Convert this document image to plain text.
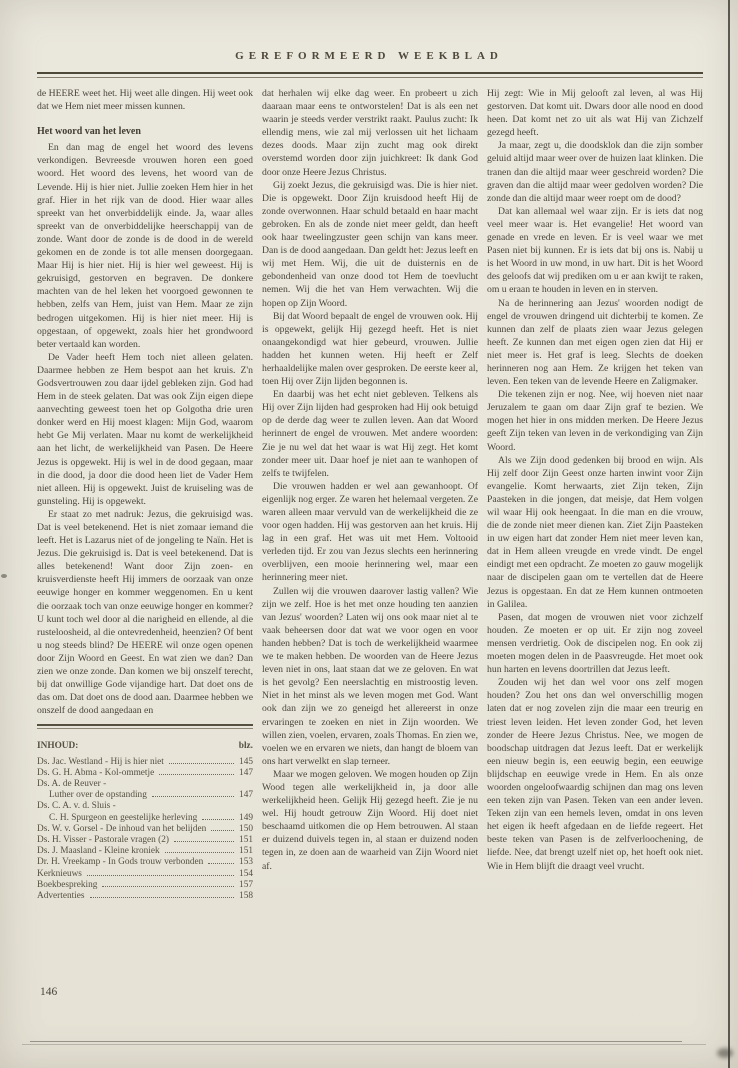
GEREFORMEERD WEEKBLAD

de HEERE weet het. Hij weet alle dingen. Hij weet ook dat we Hem niet meer missen kunnen.

Het woord van het leven

En dan mag de engel het woord des levens verkondigen. Bevreesde vrouwen horen een goed woord. Het woord des levens, het woord van de Levende. Hij is hier niet. Jullie zoeken Hem hier in het graf. Hier in het rijk van de dood. Hier waar alles spreekt van het onverbiddelijk einde. Ja, waar alles spreekt van de onverbiddelijke heerschappij van de zonde. Want door de zonde is de dood in de wereld gekomen en de zonde is tot alle mensen doorgegaan. Maar Hij is hier niet. Hij is hier wel geweest. Hij is gekruisigd, gestorven en begraven. De donkere machten van de hel leken het voorgoed gewonnen te hebben, zelfs van Hem, juist van Hem. Maar ze zijn bedrogen uitgekomen. Hij is hier niet meer. Hij is opgestaan, of opgewekt, zoals hier het grondwoord beter vertaald kan worden.

De Vader heeft Hem toch niet alleen gelaten. Daarmee hebben ze Hem bespot aan het kruis. Z'n Godsvertrouwen zou daar ijdel gebleken zijn. God had Hem in de steek gelaten. Dat was ook Zijn eigen diepe aanvechting geweest toen het op Golgotha drie uren donker werd en Hij moest klagen: Mijn God, waarom hebt Ge Mij verlaten. Maar nu komt de werkelijkheid aan het licht, de werkelijkheid van Pasen. De Heere Jezus is opgewekt. Hij is wel in de dood gegaan, maar in die dood, ja door die dood heen liet de Vader Hem niet alleen. Hij is opgewekt. Juist de kruiseling was de gunsteling. Hij is opgewekt.

Er staat zo met nadruk: Jezus, die gekruisigd was. Dat is veel betekenend. Het is niet zomaar iemand die leeft. Het is Lazarus niet of de jongeling te Naïn. Het is Jezus. Die gekruisigd is. Dat is veel betekenend. Dat is alles betekenend! Want door Zijn zoen- en kruisverdienste heeft Hij immers de oorzaak van onze eeuwige honger en kommer weggenomen. En u kent die oorzaak toch van onze eeuwige honger en kommer? U kunt toch wel door al die narigheid en ellende, al die rusteloosheid, al die ontevredenheid, heenzien? Of bent u nog steeds blind? De HEERE wil onze ogen openen door Zijn Woord en Geest. En wat zien we dan? Dan zien we onze zonde. Dan komen we bij onszelf terecht, bij dat onwillige Gode vijandige hart. Dat doet ons de das om. Dat doet ons de dood aan. Daarmee hebben we onszelf de dood aangedaan en

INHOUD:	blz.
Ds. Jac. Westland - Hij is hier niet	145
Ds. G. H. Abma - Kol-ommetje	147
Ds. A. de Reuver -
Luther over de opstanding	147
Ds. C. A. v. d. Sluis -
C. H. Spurgeon en geestelijke herleving	149
Ds. W. v. Gorsel - De inhoud van het belijden	150
Ds. H. Visser - Pastorale vragen (2)	151
Ds. J. Maasland - Kleine kroniek	151
Dr. H. Vreekamp - In Gods trouw verbonden	153
Kerknieuws	154
Boekbespreking	157
Advertenties	158

dat herhalen wij elke dag weer. En probeert u zich daaraan maar eens te ontworstelen! Dat is als een net waarin je steeds verder verstrikt raakt. Paulus zucht: Ik ellendig mens, wie zal mij verlossen uit het lichaam dezes doods. Maar zijn zucht mag ook direkt overstemd worden door zijn juichkreet: Ik dank God door onze Heere Jezus Christus.

Gij zoekt Jezus, die gekruisigd was. Die is hier niet. Die is opgewekt. Door Zijn kruisdood heeft Hij de zonde overwonnen. Haar schuld betaald en haar macht gebroken. En als de zonde niet meer geldt, dan heeft ook haar tweelingzuster geen schijn van kans meer. Dan is de dood aangedaan. Dan geldt het: Jezus leeft en wij met Hem. Wij, die uit de duisternis en de gebondenheid van onze dood tot Hem de toevlucht nemen. Wij die het van Hem verwachten. Wij die hopen op Zijn Woord.

Bij dat Woord bepaalt de engel de vrouwen ook. Hij is opgewekt, gelijk Hij gezegd heeft. Het is niet onaangekondigd wat hier gebeurd, vrouwen. Jullie hadden het kunnen weten. Hij heeft er Zelf herhaaldelijke malen over gesproken. De eerste keer al, toen Hij over Zijn lijden begonnen is.

En daarbij was het echt niet gebleven. Telkens als Hij over Zijn lijden had gesproken had Hij ook betuigd op de derde dag weer te zullen leven. Aan dat Woord herinnert de engel de vrouwen. Met andere woorden: Zie je nu wel dat het waar is wat Hij zegt. Het komt zonder meer uit. Daar hoef je niet aan te wanhopen of zelfs te twijfelen.

Die vrouwen hadden er wel aan gewanhoopt. Of eigenlijk nog erger. Ze waren het helemaal vergeten. Ze waren alleen maar vervuld van de werkelijkheid die ze voor ogen hadden. Hij was gestorven aan het kruis. Hij lag in een graf. Het was uit met Hem. Voltooid verleden tijd. Er zou van Jezus slechts een herinnering overblijven, een mooie herinnering wel, maar een herinnering meer niet.

Zullen wij die vrouwen daarover lastig vallen? Wie zijn we zelf. Hoe is het met onze houding ten aanzien van Jezus' woorden? Laten wij ons ook maar niet al te vaak beheersen door dat wat we voor ogen en voor handen hebben? Dat is toch de werkelijkheid waarmee we te maken hebben. De woorden van de Heere Jezus leven niet in ons, laat staan dat we ze geloven. En wat is het gevolg? Een neerslachtig en mistroostig leven. Niet in het minst als we leven mogen met God. Want ook dan zijn we zo geneigd het allereerst in onze ervaringen te zoeken en niet in Zijn woorden. We willen zien, voelen, ervaren, zoals Thomas. En zien we, voelen we en ervaren we niets, dan hangt de bloem van ons hart verwelkt en slap terneer.

Maar we mogen geloven. We mogen houden op Zijn Wood tegen alle werkelijkheid in, ja door alle werkelijkheid heen. Gelijk Hij gezegd heeft. Zie je nu wel. Hij houdt getrouw Zijn Woord. Hij doet niet beschaamd uitkomen die op Hem betrouwen. Al staan er duizend duivels tegen in, al staan er duizend noden tegen in, ze doen aan de waarheid van Zijn Woord niet af.

Hij zegt: Wie in Mij gelooft zal leven, al was Hij gestorven. Dat komt uit. Dwars door alle nood en dood heen. Dat komt net zo uit als wat Hij van Zichzelf gezegd heeft.

Ja maar, zegt u, die doodsklok dan die zijn somber geluid altijd maar weer over de huizen laat klinken. Die tranen dan die altijd maar weer geschreid worden? Die graven dan die altijd maar weer gedolven worden? Die zonde dan die altijd maar weer roept om de dood?

Dat kan allemaal wel waar zijn. Er is iets dat nog veel meer waar is. Het evangelie! Het woord van genade en vrede en leven. Er is veel waar we met Pasen niet bij kunnen. Er is iets dat bij ons is. Nabij u is het Woord in uw mond, in uw hart. Dit is het Woord des geloofs dat wij prediken om u er aan kwijt te raken, om u eraan te houden in leven en in sterven.

Na de herinnering aan Jezus' woorden nodigt de engel de vrouwen dringend uit dichterbij te komen. Ze kunnen dan zelf de plaats zien waar Jezus gelegen heeft. Ze kunnen dan met eigen ogen zien dat Hij er niet meer is. Het graf is leeg. Slechts de doeken herinneren nog aan Hem. Ze krijgen het teken van leven. Een teken van de levende Heere en Zaligmaker.

Die tekenen zijn er nog. Nee, wij hoeven niet naar Jeruzalem te gaan om daar Zijn graf te bezien. We mogen het hier in ons midden merken. De Heere Jezus geeft Zijn teken van leven in de verkondiging van Zijn Woord.

Als we Zijn dood gedenken bij brood en wijn. Als Hij zelf door Zijn Geest onze harten inwint voor Zijn evangelie. Komt herwaarts, ziet Zijn teken, Zijn Paasteken in die jongen, dat meisje, dat Hem volgen wil waar Hij ook heengaat. In die man en die vrouw, die de zonde niet meer dienen kan. Ziet Zijn Paasteken in uw eigen hart dat zonder Hem niet meer leven kan, dat in Hem alleen vreugde en vrede vindt. De engel eindigt met een opdracht. Ze moeten zo gauw mogelijk naar de discipelen gaan om te vertellen dat de Heere Jezus is opgestaan. En dat ze Hem kunnen ontmoeten in Galilea.

Pasen, dat mogen de vrouwen niet voor zichzelf houden. Ze moeten er op uit. Er zijn nog zoveel mensen verdrietig. Ook de discipelen nog. En ook zij moeten mogen delen in de Paasvreugde. Het moet ook hun harten en levens doortrillen dat Jezus leeft.

Zouden wij het dan wel voor ons zelf mogen houden? Zou het ons dan wel onverschillig mogen laten dat er nog zovelen zijn die maar een treurig en triest leven leiden. Het leven zonder God, het leven zonder de Heere Jezus Christus. Nee, we mogen de boodschap uitdragen dat Jezus leeft. Dat er werkelijk een nieuw begin is, een eeuwig begin, een eeuwige blijdschap en eeuwige vrede in Hem. En als onze woorden ongeloofwaardig schijnen dan mag ons leven een teken zijn van Pasen. Teken van een ander leven. Teken zijn van een hemels leven, omdat in ons leven het eigen ik heeft afgedaan en de liefde regeert. Het beste teken van Pasen is de zelfverloochening, de liefde. Nee, dat brengt uzelf niet op, het hoeft ook niet. Wie in Hem blijft die draagt veel vrucht.

146
